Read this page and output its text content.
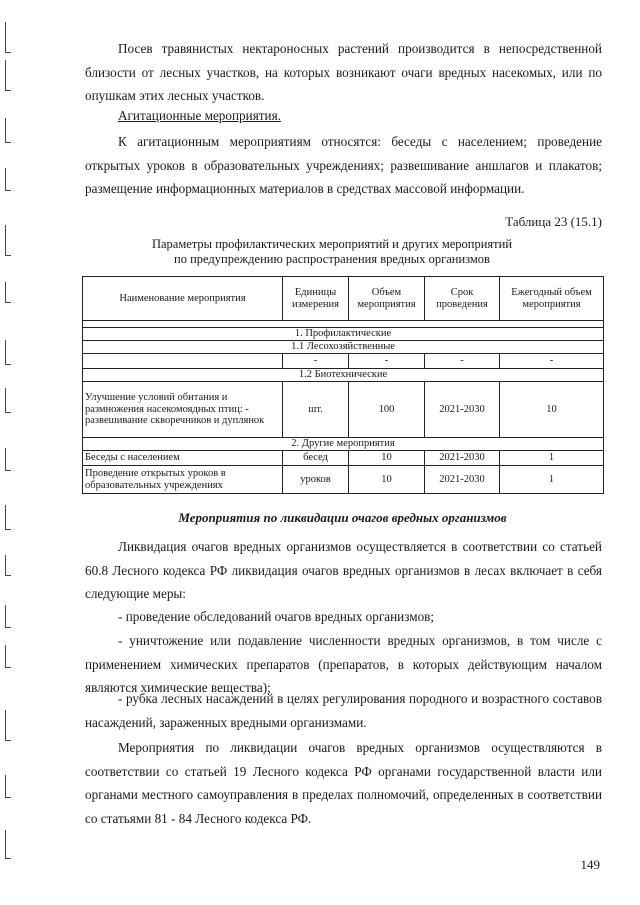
Посев травянистых нектароносных растений производится в непосредственной близости от лесных участков, на которых возникают очаги вредных насекомых, или по опушкам этих лесных участков.

Агитационные мероприятия.

К агитационным мероприятиям относятся: беседы с населением; проведение открытых уроков в образовательных учреждениях; развешивание аншлагов и плакатов; размещение информационных материалов в средствах массовой информации.

Таблица 23 (15.1)
Параметры профилактических мероприятий и других мероприятий
по предупреждению распространения вредных организмов
Наименование мероприятия	Единицы измерения	Объем мероприятия	Срок проведения	Ежегодный объем мероприятия

1. Профилактические				
1.1 Лесохозяйственные				
	-	-	-	-
1.2 Биотехнические				
Улучшение условий обитания и размножения насекомоядных птиц: - развешивание скворечников и дуплянок	шт.	100	2021-2030	10
2. Другие мероприятия				
Беседы с населением	бесед	10	2021-2030	1
Проведение открытых уроков в образовательных учреждениях	уроков	10	2021-2030	1
Мероприятия по ликвидации очагов вредных организмов

Ликвидация очагов вредных организмов осуществляется в соответствии со статьей 60.8 Лесного кодекса РФ ликвидация очагов вредных организмов в лесах включает в себя следующие меры:

- проведение обследований очагов вредных организмов;

- уничтожение или подавление численности вредных организмов, в том числе с применением химических препаратов (препаратов, в которых действующим началом являются химические вещества);

- рубка лесных насаждений в целях регулирования породного и возрастного составов насаждений, зараженных вредными организмами.

Мероприятия по ликвидации очагов вредных организмов осуществляются в соответствии со статьей 19 Лесного кодекса РФ органами государственной власти или органами местного самоуправления в пределах полномочий, определенных в соответствии со статьями 81 - 84 Лесного кодекса РФ.

149
